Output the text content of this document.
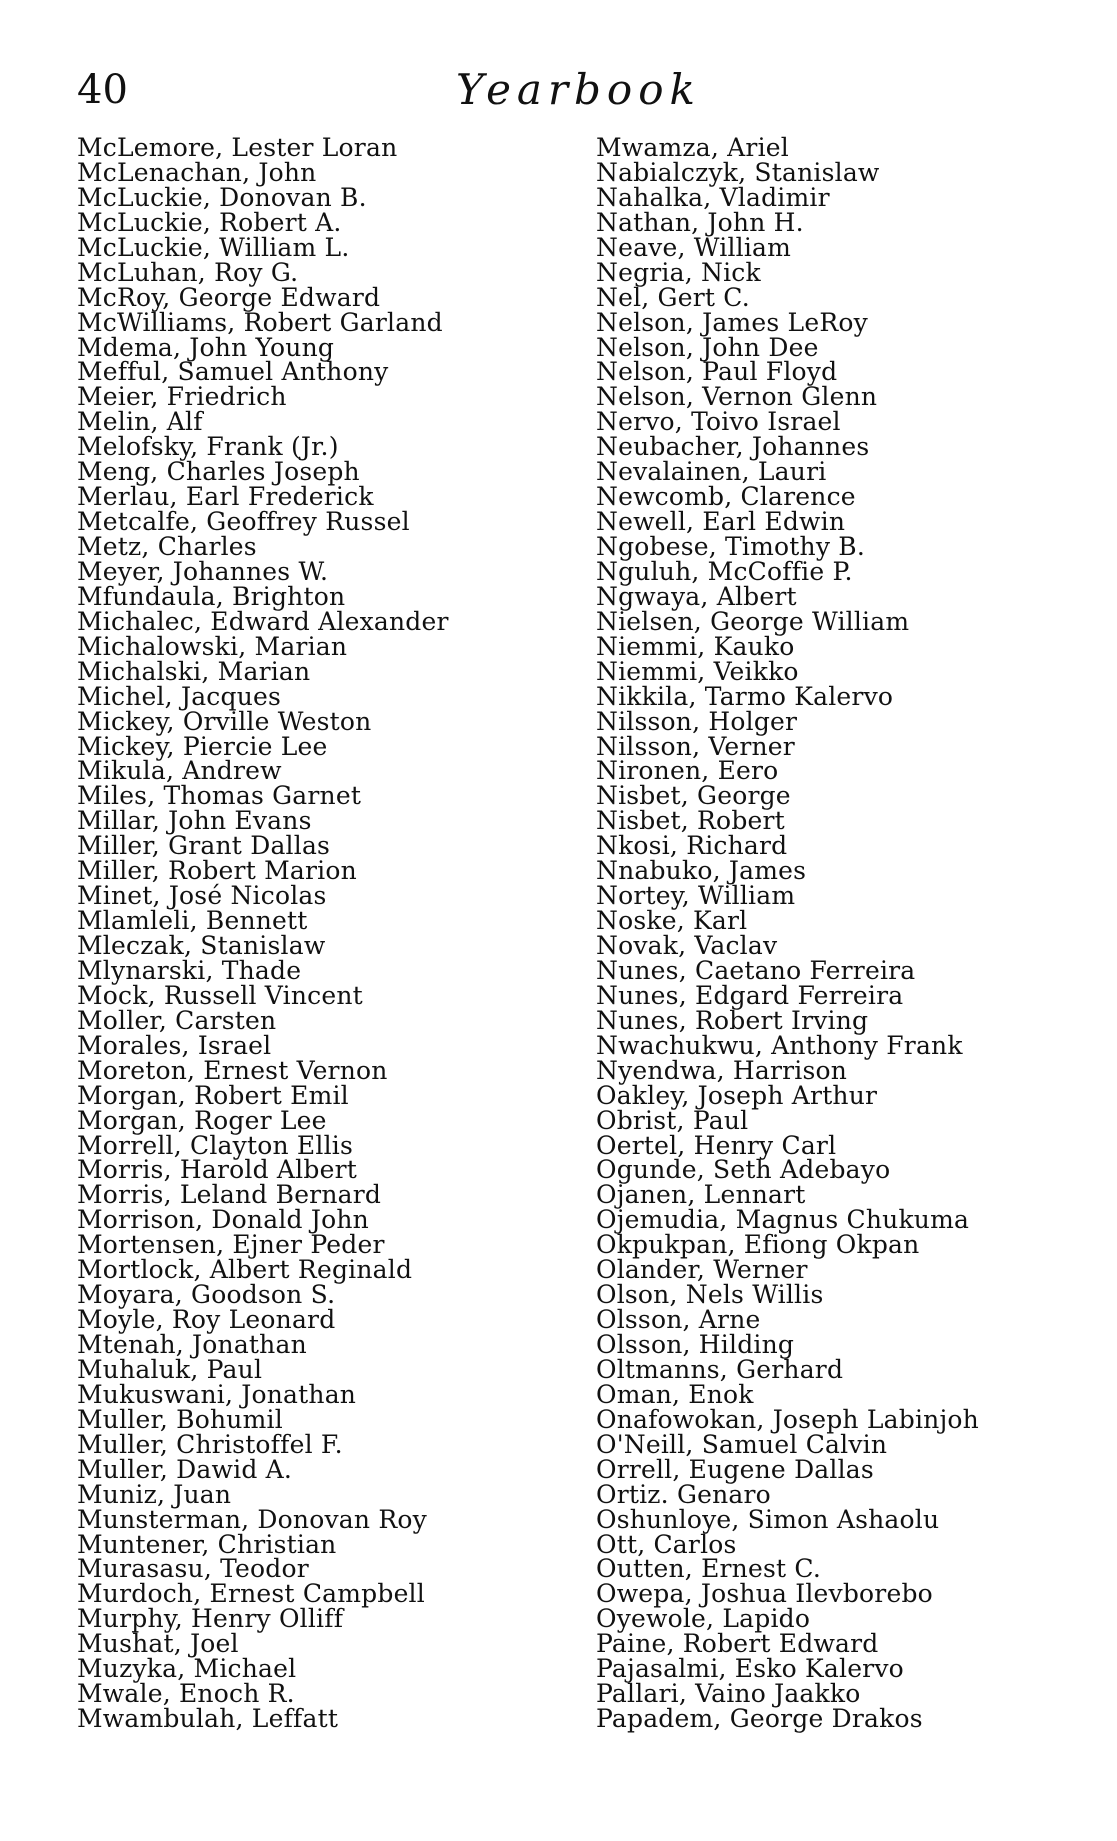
40	Yearbook
McLemore, Lester Loran
McLenachan, John
McLuckie, Donovan B.
McLuckie, Robert A.
McLuckie, William L.
McLuhan, Roy G.
McRoy, George Edward
McWilliams, Robert Garland
Mdema, John Young
Mefful, Samuel Anthony
Meier, Friedrich
Melin, Alf
Melofsky, Frank (Jr.)
Meng, Charles Joseph
Merlau, Earl Frederick
Metcalfe, Geoffrey Russel
Metz, Charles
Meyer, Johannes W.
Mfundaula, Brighton
Michalec, Edward Alexander
Michalowski, Marian
Michalski, Marian
Michel, Jacques
Mickey, Orville Weston
Mickey, Piercie Lee
Mikula, Andrew
Miles, Thomas Garnet
Millar, John Evans
Miller, Grant Dallas
Miller, Robert Marion
Minet, José Nicolas
Mlamleli, Bennett
Mleczak, Stanislaw
Mlynarski, Thade
Mock, Russell Vincent
Moller, Carsten
Morales, Israel
Moreton, Ernest Vernon
Morgan, Robert Emil
Morgan, Roger Lee
Morrell, Clayton Ellis
Morris, Harold Albert
Morris, Leland Bernard
Morrison, Donald John
Mortensen, Ejner Peder
Mortlock, Albert Reginald
Moyara, Goodson S.
Moyle, Roy Leonard
Mtenah, Jonathan
Muhaluk, Paul
Mukuswani, Jonathan
Muller, Bohumil
Muller, Christoffel F.
Muller, Dawid A.
Muniz, Juan
Munsterman, Donovan Roy
Muntener, Christian
Murasasu, Teodor
Murdoch, Ernest Campbell
Murphy, Henry Olliff
Mushat, Joel
Muzyka, Michael
Mwale, Enoch R.
Mwambulah, Leffatt
Mwamza, Ariel
Nabialczyk, Stanislaw
Nahalka, Vladimir
Nathan, John H.
Neave, William
Negria, Nick
Nel, Gert C.
Nelson, James LeRoy
Nelson, John Dee
Nelson, Paul Floyd
Nelson, Vernon Glenn
Nervo, Toivo Israel
Neubacher, Johannes
Nevalainen, Lauri
Newcomb, Clarence
Newell, Earl Edwin
Ngobese, Timothy B.
Nguluh, McCoffie P.
Ngwaya, Albert
Nielsen, George William
Niemmi, Kauko
Niemmi, Veikko
Nikkila, Tarmo Kalervo
Nilsson, Holger
Nilsson, Verner
Nironen, Eero
Nisbet, George
Nisbet, Robert
Nkosi, Richard
Nnabuko, James
Nortey, William
Noske, Karl
Novak, Vaclav
Nunes, Caetano Ferreira
Nunes, Edgard Ferreira
Nunes, Robert Irving
Nwachukwu, Anthony Frank
Nyendwa, Harrison
Oakley, Joseph Arthur
Obrist, Paul
Oertel, Henry Carl
Ogunde, Seth Adebayo
Ojanen, Lennart
Ojemudia, Magnus Chukuma
Okpukpan, Efiong Okpan
Olander, Werner
Olson, Nels Willis
Olsson, Arne
Olsson, Hilding
Oltmanns, Gerhard
Oman, Enok
Onafowokan, Joseph Labinjoh
O'Neill, Samuel Calvin
Orrell, Eugene Dallas
Ortiz. Genaro
Oshunloye, Simon Ashaolu
Ott, Carlos
Outten, Ernest C.
Owepa, Joshua Ilevborebo
Oyewole, Lapido
Paine, Robert Edward
Pajasalmi, Esko Kalervo
Pallari, Vaino Jaakko
Papadem, George Drakos
